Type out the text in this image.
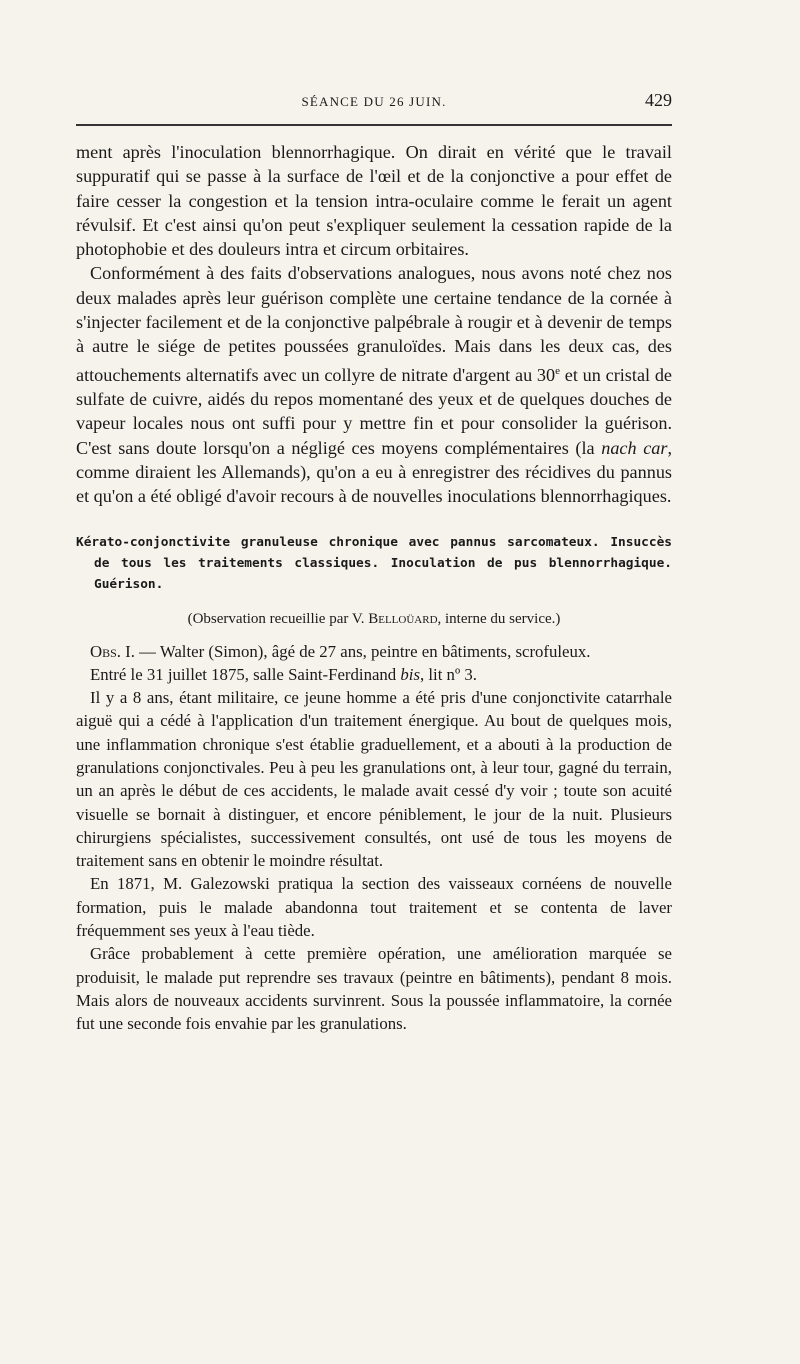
SÉANCE DU 26 JUIN.	429

ment après l'inoculation blennorrhagique. On dirait en vérité que le travail suppuratif qui se passe à la surface de l'œil et de la conjonctive a pour effet de faire cesser la congestion et la tension intra-oculaire comme le ferait un agent révulsif. Et c'est ainsi qu'on peut s'expliquer seulement la cessation rapide de la photophobie et des douleurs intra et circum orbitaires.

Conformément à des faits d'observations analogues, nous avons noté chez nos deux malades après leur guérison complète une certaine tendance de la cornée à s'injecter facilement et de la conjonctive palpébrale à rougir et à devenir de temps à autre le siége de petites poussées granuloïdes. Mais dans les deux cas, des attouchements alternatifs avec un collyre de nitrate d'argent au 30e et un cristal de sulfate de cuivre, aidés du repos momentané des yeux et de quelques douches de vapeur locales nous ont suffi pour y mettre fin et pour consolider la guérison. C'est sans doute lorsqu'on a négligé ces moyens complémentaires (la nach car, comme diraient les Allemands), qu'on a eu à enregistrer des récidives du pannus et qu'on a été obligé d'avoir recours à de nouvelles inoculations blennorrhagiques.

Kérato-conjonctivite granuleuse chronique avec pannus sarcomateux. Insuccès de tous les traitements classiques. Inoculation de pus blennorrhagique. Guérison.

(Observation recueillie par V. Belloüard, interne du service.)

Obs. I. — Walter (Simon), âgé de 27 ans, peintre en bâtiments, scrofuleux.

Entré le 31 juillet 1875, salle Saint-Ferdinand bis, lit nº 3.

Il y a 8 ans, étant militaire, ce jeune homme a été pris d'une conjonctivite catarrhale aiguë qui a cédé à l'application d'un traitement énergique. Au bout de quelques mois, une inflammation chronique s'est établie graduellement, et a abouti à la production de granulations conjonctivales. Peu à peu les granulations ont, à leur tour, gagné du terrain, un an après le début de ces accidents, le malade avait cessé d'y voir ; toute son acuité visuelle se bornait à distinguer, et encore péniblement, le jour de la nuit. Plusieurs chirurgiens spécialistes, successivement consultés, ont usé de tous les moyens de traitement sans en obtenir le moindre résultat.

En 1871, M. Galezowski pratiqua la section des vaisseaux cornéens de nouvelle formation, puis le malade abandonna tout traitement et se contenta de laver fréquemment ses yeux à l'eau tiède.

Grâce probablement à cette première opération, une amélioration marquée se produisit, le malade put reprendre ses travaux (peintre en bâtiments), pendant 8 mois. Mais alors de nouveaux accidents survinrent. Sous la poussée inflammatoire, la cornée fut une seconde fois envahie par les granulations.
